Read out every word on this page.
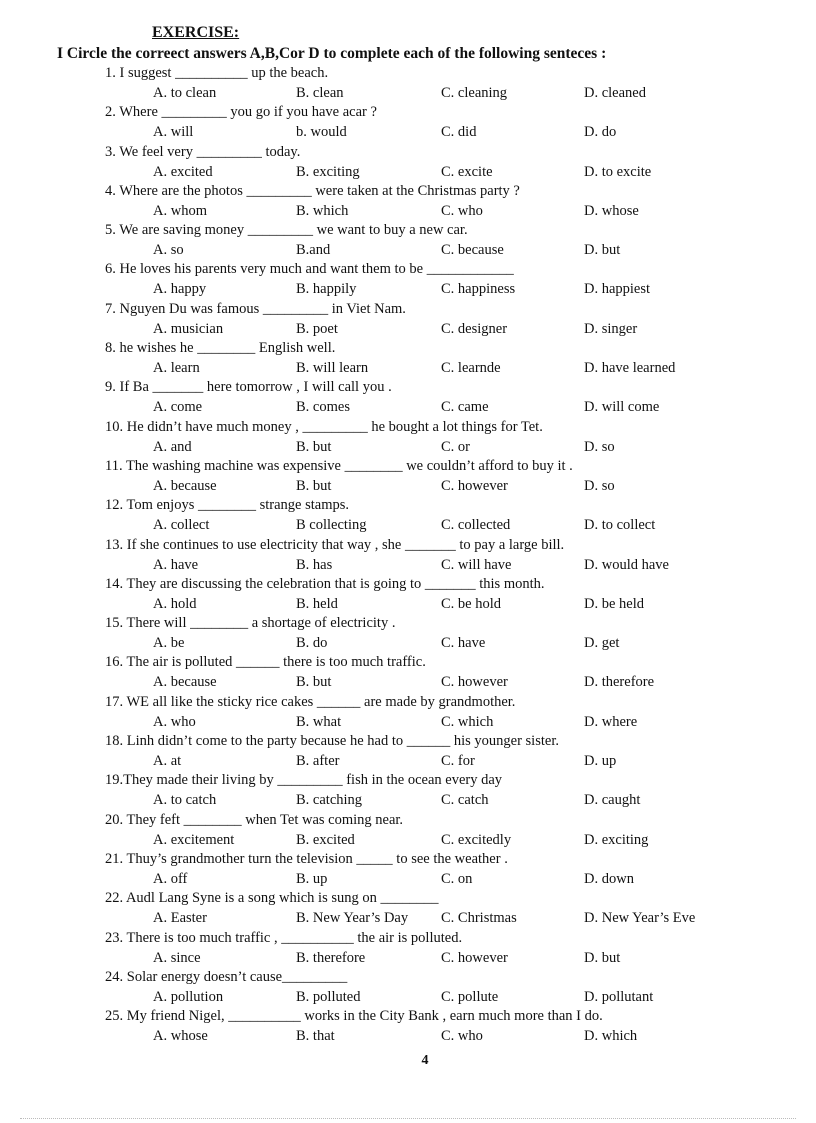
EXERCISE:
I Circle the correect answers A,B,Cor D to complete each of the following senteces :
1. I suggest __________ up the beach.
A. to clean	B. clean	C. cleaning	D. cleaned
2. Where _________ you go if you have acar ?
A. will	b. would	C. did	D. do
3. We feel very _________ today.
A. excited	B. exciting	C. excite	D. to excite
4. Where are the photos _________ were taken at the Christmas party ?
A. whom	B. which	C. who	D. whose
5. We are saving money _________ we want to buy a new car.
A. so	B.and	C. because	D. but
6. He loves his parents very much and want them to be ____________
A. happy	B. happily	C. happiness	D. happiest
7. Nguyen Du was famous _________ in Viet Nam.
A. musician	B. poet	C. designer	D. singer
8. he wishes he ________ English well.
A. learn	B. will learn	C. learnde	D. have learned
9. If Ba _______ here tomorrow , I will call you .
A. come	B. comes	C. came	D. will come
10. He didn’t have much money , _________ he bought a lot things for Tet.
A. and	B. but	C. or	D. so
11. The washing machine was expensive ________ we couldn’t afford to buy it .
A. because	B. but	C. however	D. so
12. Tom enjoys ________ strange stamps.
A. collect	B collecting	C. collected	D. to collect
13. If she continues to use electricity that way , she _______ to pay a large bill.
A. have	B. has	C. will have	D. would have
14. They are discussing the celebration that is going to _______ this month.
A. hold	B. held	C. be hold	D. be held
15. There will ________ a shortage of electricity .
A. be	B. do	C. have	D. get
16. The air is polluted ______ there is too much traffic.
A. because	B. but	C. however	D. therefore
17. WE all like the sticky rice cakes ______ are made by grandmother.
A. who	B. what	C. which	D. where
18. Linh didn’t come to the party because he had to ______ his younger sister.
A. at	B. after	C. for	D. up
19.They made their living by _________ fish in the ocean every day
A. to catch	B. catching	C. catch	D. caught
20. They feft ________ when Tet was coming near.
A. excitement	B. excited	C. excitedly	D. exciting
21. Thuy’s grandmother turn the television _____ to see the weather .
A. off	B. up	C. on	D. down
22. Audl Lang Syne is a song which is sung on ________
A. Easter	B. New Year’s Day C. Christmas	D. New Year’s Eve
23. There is too much traffic , __________ the air is polluted.
A. since	B. therefore	C. however	D. but
24. Solar energy doesn’t cause_________
A. pollution	B. polluted	C. pollute	D. pollutant
25. My friend Nigel, __________ works in the City Bank , earn much more than I do.
A. whose	B. that	C. who	D. which
4
